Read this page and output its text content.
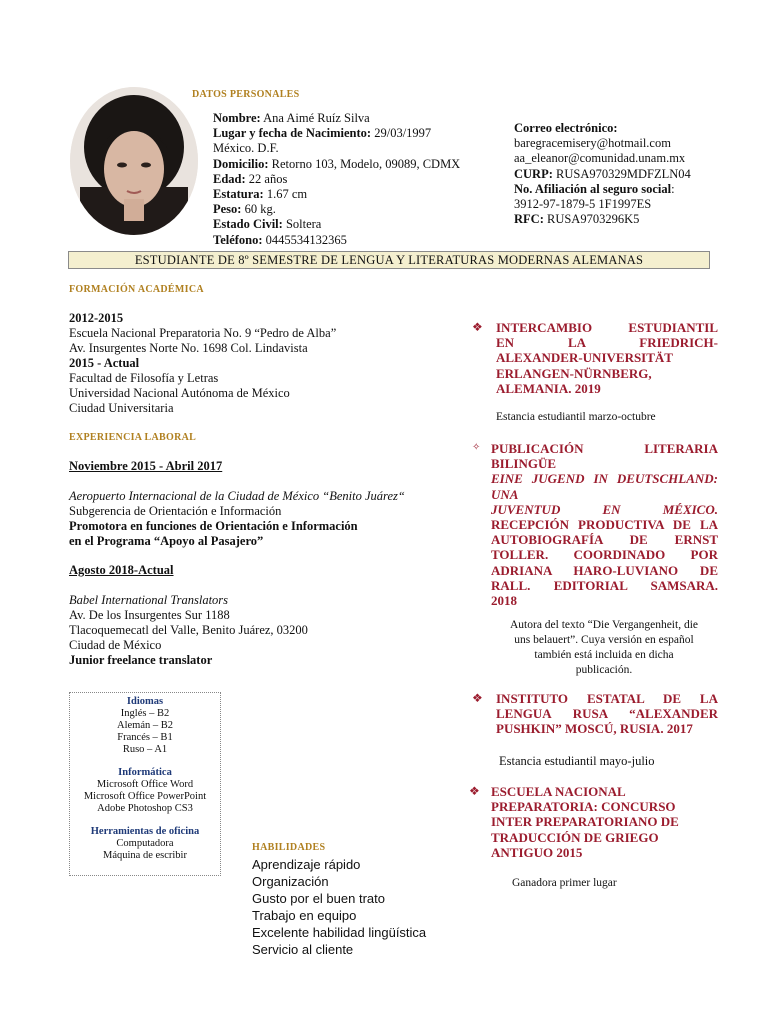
DATOS PERSONALES
Nombre: Ana Aimé Ruíz Silva
Lugar y fecha de Nacimiento: 29/03/1997
México. D.F.
Domicilio: Retorno 103, Modelo, 09089, CDMX
Edad: 22 años
Estatura: 1.67 cm
Peso: 60 kg.
Estado Civil: Soltera
Teléfono: 0445534132365
Correo electrónico:
baregracemisery@hotmail.com
aa_eleanor@comunidad.unam.mx
CURP: RUSA970329MDFZLN04
No. Afiliación al seguro social:
3912-97-1879-5 1F1997ES
RFC: RUSA9703296K5
ESTUDIANTE DE 8º SEMESTRE DE LENGUA Y LITERATURAS MODERNAS ALEMANAS
FORMACIÓN ACADÉMICA
2012-2015
Escuela Nacional Preparatoria No. 9 “Pedro de Alba”
Av. Insurgentes Norte No. 1698 Col. Lindavista
2015 - Actual
Facultad de Filosofía y Letras
Universidad Nacional Autónoma de México
Ciudad Universitaria
EXPERIENCIA LABORAL
Noviembre 2015 - Abril 2017
Aeropuerto Internacional de la Ciudad de México “Benito Juárez“
Subgerencia de Orientación e Información
Promotora en funciones de Orientación e Información
en el Programa “Apoyo al Pasajero”
Agosto 2018-Actual
Babel International Translators
Av. De los Insurgentes Sur 1188
Tlacoquemecatl del Valle, Benito Juárez, 03200
Ciudad de México
Junior freelance translator
Idiomas
Inglés – B2
Alemán – B2
Francés – B1
Ruso – A1
Informática
Microsoft Office Word
Microsoft Office PowerPoint
Adobe Photoshop CS3
Herramientas de oficina
Computadora
Máquina de escribir
HABILIDADES
Aprendizaje rápido
Organización
Gusto por el buen trato
Trabajo en equipo
Excelente habilidad lingüística
Servicio al cliente
❖ INTERCAMBIO ESTUDIANTIL
EN LA FRIEDRICH-
ALEXANDER-UNIVERSITÄT
ERLANGEN-NÜRNBERG,
ALEMANIA. 2019
Estancia estudiantil marzo-octubre
✧ PUBLICACIÓN LITERARIA
BILINGÜE
EINE JUGEND IN DEUTSCHLAND:
UNA
JUVENTUD EN MÉXICO.
RECEPCIÓN PRODUCTIVA DE LA
AUTOBIOGRAFÍA DE ERNST
TOLLER. COORDINADO POR
ADRIANA HARO-LUVIANO DE
RALL. EDITORIAL SAMSARA.
2018
Autora del texto “Die Vergangenheit, die
uns belauert”. Cuya versión en español
también está incluida en dicha
publicación.
❖ INSTITUTO ESTATAL DE LA
LENGUA RUSA “ALEXANDER
PUSHKIN” MOSCÚ, RUSIA. 2017
Estancia estudiantil mayo-julio
❖ ESCUELA NACIONAL
PREPARATORIA: CONCURSO
INTER PREPARATORIANO DE
TRADUCCIÓN DE GRIEGO
ANTIGUO 2015
Ganadora primer lugar
